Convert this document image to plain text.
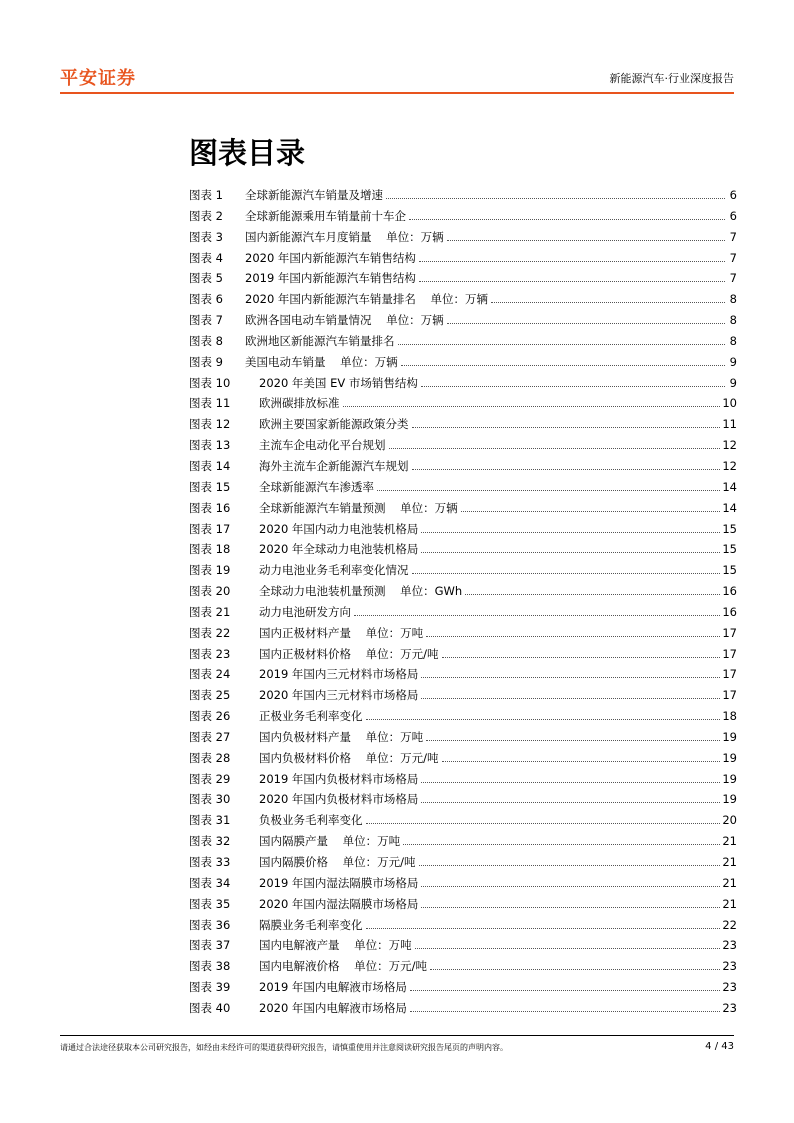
平安证券	新能源汽车·行业深度报告
图表目录
图表 1	全球新能源汽车销量及增速	6
图表 2	全球新能源乘用车销量前十车企	6
图表 3	国内新能源汽车月度销量    单位：万辆	7
图表 4	2020 年国内新能源汽车销售结构	7
图表 5	2019 年国内新能源汽车销售结构	7
图表 6	2020 年国内新能源汽车销量排名    单位：万辆	8
图表 7	欧洲各国电动车销量情况    单位：万辆	8
图表 8	欧洲地区新能源汽车销量排名	8
图表 9	美国电动车销量    单位：万辆	9
图表 10	2020 年美国 EV 市场销售结构	9
图表 11	欧洲碳排放标准	10
图表 12	欧洲主要国家新能源政策分类	11
图表 13	主流车企电动化平台规划	12
图表 14	海外主流车企新能源汽车规划	12
图表 15	全球新能源汽车渗透率	14
图表 16	全球新能源汽车销量预测    单位：万辆	14
图表 17	2020 年国内动力电池装机格局	15
图表 18	2020 年全球动力电池装机格局	15
图表 19	动力电池业务毛利率变化情况	15
图表 20	全球动力电池装机量预测    单位：GWh	16
图表 21	动力电池研发方向	16
图表 22	国内正极材料产量    单位：万吨	17
图表 23	国内正极材料价格    单位：万元/吨	17
图表 24	2019 年国内三元材料市场格局	17
图表 25	2020 年国内三元材料市场格局	17
图表 26	正极业务毛利率变化	18
图表 27	国内负极材料产量    单位：万吨	19
图表 28	国内负极材料价格    单位：万元/吨	19
图表 29	2019 年国内负极材料市场格局	19
图表 30	2020 年国内负极材料市场格局	19
图表 31	负极业务毛利率变化	20
图表 32	国内隔膜产量    单位：万吨	21
图表 33	国内隔膜价格    单位：万元/吨	21
图表 34	2019 年国内湿法隔膜市场格局	21
图表 35	2020 年国内湿法隔膜市场格局	21
图表 36	隔膜业务毛利率变化	22
图表 37	国内电解液产量    单位：万吨	23
图表 38	国内电解液价格    单位：万元/吨	23
图表 39	2019 年国内电解液市场格局	23
图表 40	2020 年国内电解液市场格局	23
请通过合法途径获取本公司研究报告，如经由未经许可的渠道获得研究报告，请慎重使用并注意阅读研究报告尾页的声明内容。	4 / 43
